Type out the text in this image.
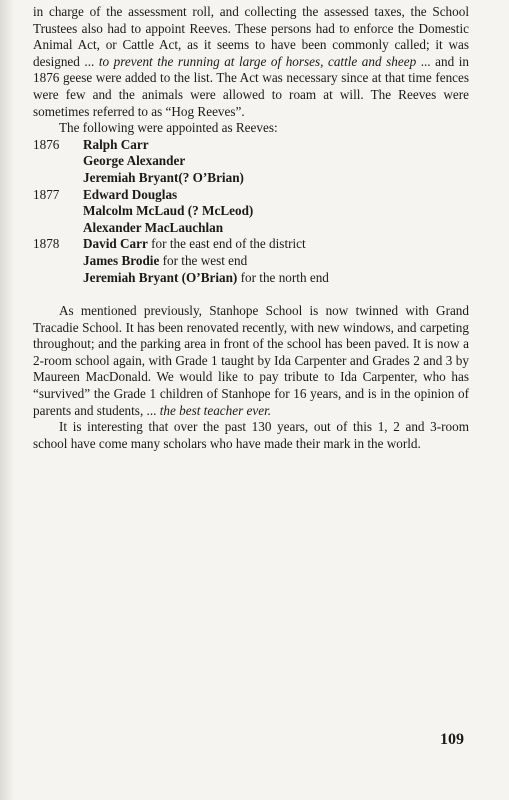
in charge of the assessment roll, and collecting the assessed taxes, the School Trustees also had to appoint Reeves. These persons had to enforce the Domestic Animal Act, or Cattle Act, as it seems to have been commonly called; it was designed ... to prevent the running at large of horses, cattle and sheep ... and in 1876 geese were added to the list. The Act was necessary since at that time fences were few and the animals were allowed to roam at will. The Reeves were sometimes referred to as “Hog Reeves”.

The following were appointed as Reeves:

1876	Ralph Carr
George Alexander
Jeremiah Bryant(? O’Brian)
1877	Edward Douglas
Malcolm McLaud (? McLeod)
Alexander MacLauchlan
1878	David Carr for the east end of the district
James Brodie for the west end
Jeremiah Bryant (O’Brian) for the north end

As mentioned previously, Stanhope School is now twinned with Grand Tracadie School. It has been renovated recently, with new windows, and carpeting throughout; and the parking area in front of the school has been paved. It is now a 2-room school again, with Grade 1 taught by Ida Carpenter and Grades 2 and 3 by Maureen MacDonald. We would like to pay tribute to Ida Carpenter, who has “survived” the Grade 1 children of Stanhope for 16 years, and is in the opinion of parents and students, ... the best teacher ever.

It is interesting that over the past 130 years, out of this 1, 2 and 3-room school have come many scholars who have made their mark in the world.

109
